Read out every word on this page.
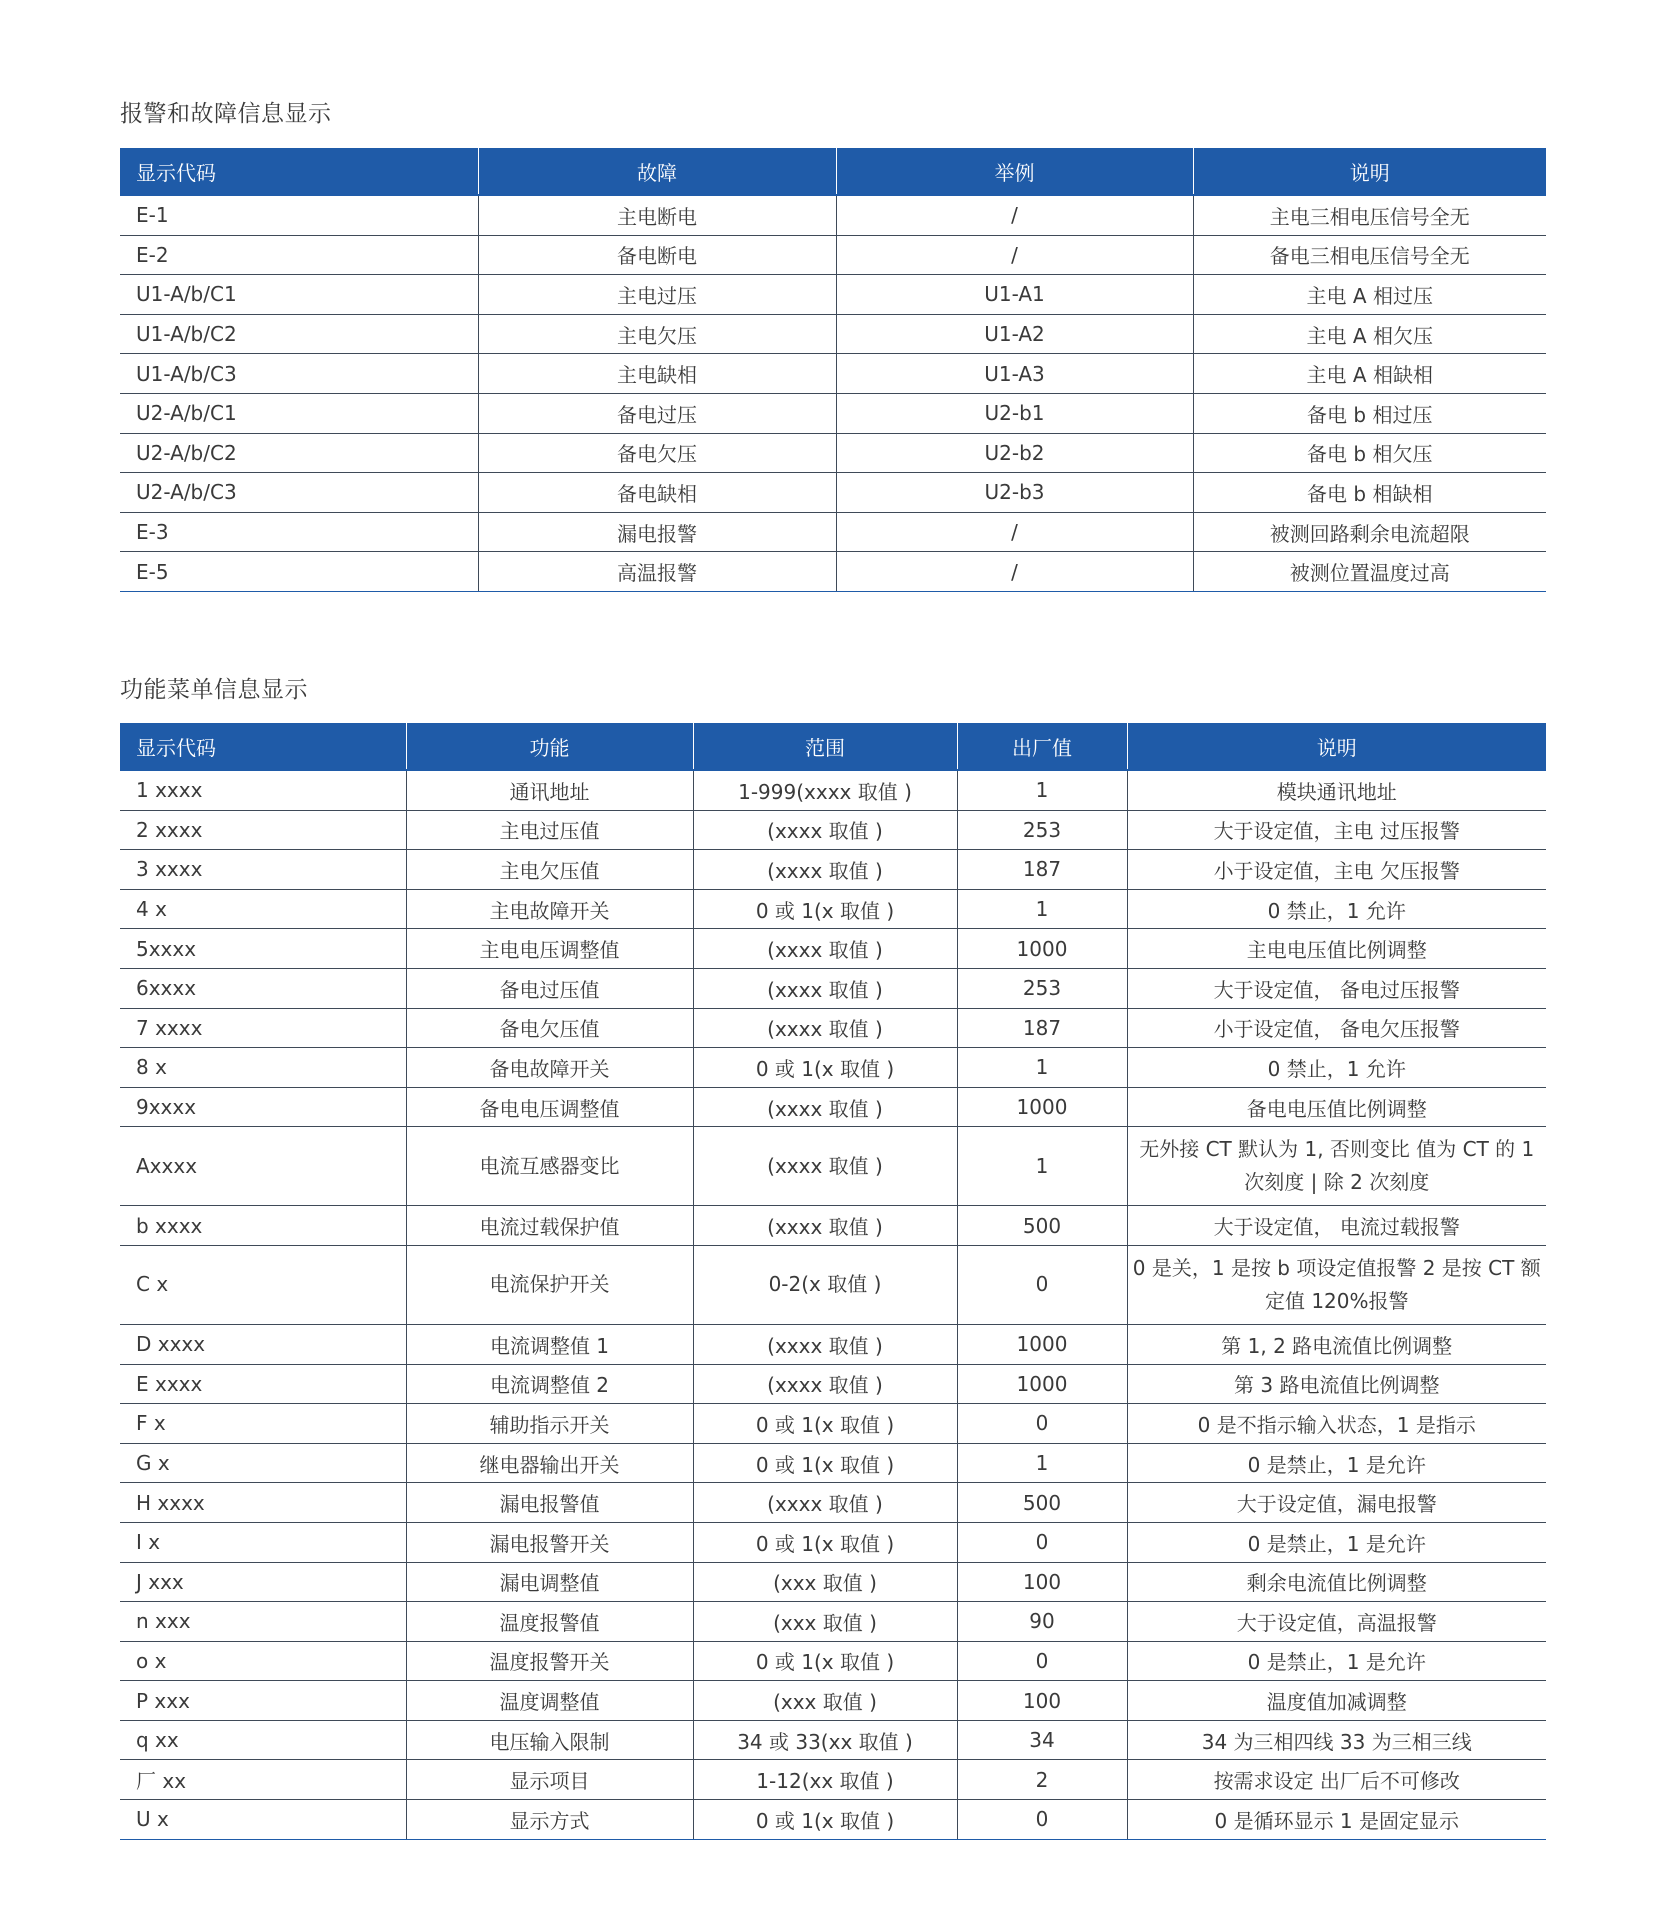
报警和故障信息显示
显示代码	故障	举例	说明
E-1	主电断电	/	主电三相电压信号全无
E-2	备电断电	/	备电三相电压信号全无
U1-A/b/C1	主电过压	U1-A1	主电 A 相过压
U1-A/b/C2	主电欠压	U1-A2	主电 A 相欠压
U1-A/b/C3	主电缺相	U1-A3	主电 A 相缺相
U2-A/b/C1	备电过压	U2-b1	备电 b 相过压
U2-A/b/C2	备电欠压	U2-b2	备电 b 相欠压
U2-A/b/C3	备电缺相	U2-b3	备电 b 相缺相
E-3	漏电报警	/	被测回路剩余电流超限
E-5	高温报警	/	被测位置温度过高
功能菜单信息显示
显示代码	功能	范围	出厂值	说明
1 xxxx	通讯地址	1-999(xxxx 取值 )	1	模块通讯地址
2 xxxx	主电过压值	(xxxx 取值 )	253	大于设定值，主电 过压报警
3 xxxx	主电欠压值	(xxxx 取值 )	187	小于设定值，主电 欠压报警
4 x	主电故障开关	0 或 1(x 取值 )	1	0 禁止，1 允许
5xxxx	主电电压调整值	(xxxx 取值 )	1000	主电电压值比例调整
6xxxx	备电过压值	(xxxx 取值 )	253	大于设定值， 备电过压报警
7 xxxx	备电欠压值	(xxxx 取值 )	187	小于设定值， 备电欠压报警
8 x	备电故障开关	0 或 1(x 取值 )	1	0 禁止，1 允许
9xxxx	备电电压调整值	(xxxx 取值 )	1000	备电电压值比例调整
Axxxx	电流互感器变比	(xxxx 取值 )	1	无外接 CT 默认为 1, 否则变比 值为 CT 的 1 次刻度 | 除 2 次刻度
b xxxx	电流过载保护值	(xxxx 取值 )	500	大于设定值， 电流过载报警
C x	电流保护开关	0-2(x 取值 )	0	0 是关，1 是按 b 项设定值报警 2 是按 CT 额定值 120%报警
D xxxx	电流调整值 1	(xxxx 取值 )	1000	第 1, 2 路电流值比例调整
E xxxx	电流调整值 2	(xxxx 取值 )	1000	第 3 路电流值比例调整
F x	辅助指示开关	0 或 1(x 取值 )	0	0 是不指示输入状态，1 是指示
G x	继电器输出开关	0 或 1(x 取值 )	1	0 是禁止，1 是允许
H xxxx	漏电报警值	(xxxx 取值 )	500	大于设定值，漏电报警
I x	漏电报警开关	0 或 1(x 取值 )	0	0 是禁止，1 是允许
J xxx	漏电调整值	(xxx 取值 )	100	剩余电流值比例调整
n xxx	温度报警值	(xxx 取值 )	90	大于设定值，高温报警
o x	温度报警开关	0 或 1(x 取值 )	0	0 是禁止，1 是允许
P xxx	温度调整值	(xxx 取值 )	100	温度值加减调整
q xx	电压输入限制	34 或 33(xx 取值 )	34	34 为三相四线 33 为三相三线
厂 xx	显示项目	1-12(xx 取值 )	2	按需求设定 出厂后不可修改
U x	显示方式	0 或 1(x 取值 )	0	0 是循环显示 1 是固定显示
